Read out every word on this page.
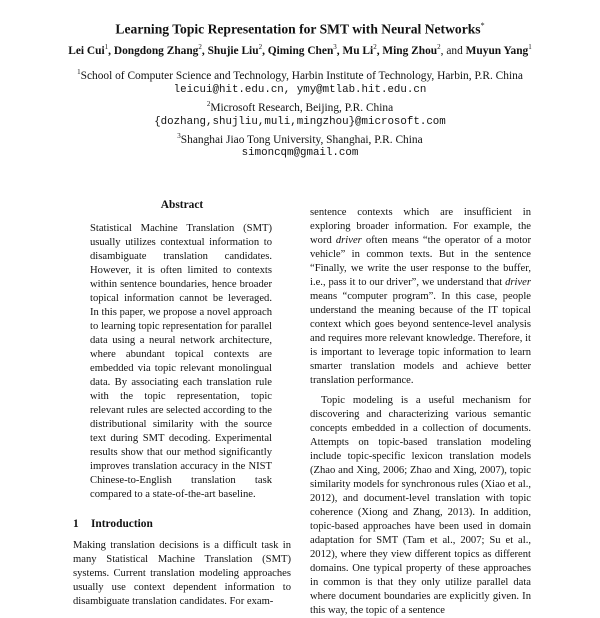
Learning Topic Representation for SMT with Neural Networks*
Lei Cui$^1$, Dongdong Zhang$^2$, Shujie Liu$^2$, Qiming Chen$^3$, Mu Li$^2$, Ming Zhou$^2$, and Muyun Yang$^1$
$^1$School of Computer Science and Technology, Harbin Institute of Technology, Harbin, P.R. China
leicui@hit.edu.cn, ymy@mtlab.hit.edu.cn
$^2$Microsoft Research, Beijing, P.R. China
{dozhang,shujliu,muli,mingzhou}@microsoft.com
$^3$Shanghai Jiao Tong University, Shanghai, P.R. China
simoncqm@gmail.com
Abstract

Statistical Machine Translation (SMT) usually utilizes contextual information to disambiguate translation candidates. However, it is often limited to contexts within sentence boundaries, hence broader topical information cannot be leveraged. In this paper, we propose a novel approach to learning topic representation for parallel data using a neural network architecture, where abundant topical contexts are embedded via topic relevant monolingual data. By associating each translation rule with the topic representation, topic relevant rules are selected according to the distributional similarity with the source text during SMT decoding. Experimental results show that our method significantly improves translation accuracy in the NIST Chinese-to-English translation task compared to a state-of-the-art baseline.

1 Introduction

Making translation decisions is a difficult task in many Statistical Machine Translation (SMT) systems. Current translation modeling approaches usually use context dependent information to disambiguate translation candidates. For exam-

sentence contexts which are insufficient in exploring broader information. For example, the word driver often means “the operator of a motor vehicle” in common texts. But in the sentence “Finally, we write the user response to the buffer, i.e., pass it to our driver”, we understand that driver means “computer program”. In this case, people understand the meaning because of the IT topical context which goes beyond sentence-level analysis and requires more relevant knowledge. Therefore, it is important to leverage topic information to learn smarter translation models and achieve better translation performance.

Topic modeling is a useful mechanism for discovering and characterizing various semantic concepts embedded in a collection of documents. Attempts on topic-based translation modeling include topic-specific lexicon translation models (Zhao and Xing, 2006; Zhao and Xing, 2007), topic similarity models for synchronous rules (Xiao et al., 2012), and document-level translation with topic coherence (Xiong and Zhang, 2013). In addition, topic-based approaches have been used in domain adaptation for SMT (Tam et al., 2007; Su et al., 2012), where they view different topics as different domains. One typical property of these approaches in common is that they only utilize parallel data where document boundaries are explicitly given. In this way, the topic of a sentence
